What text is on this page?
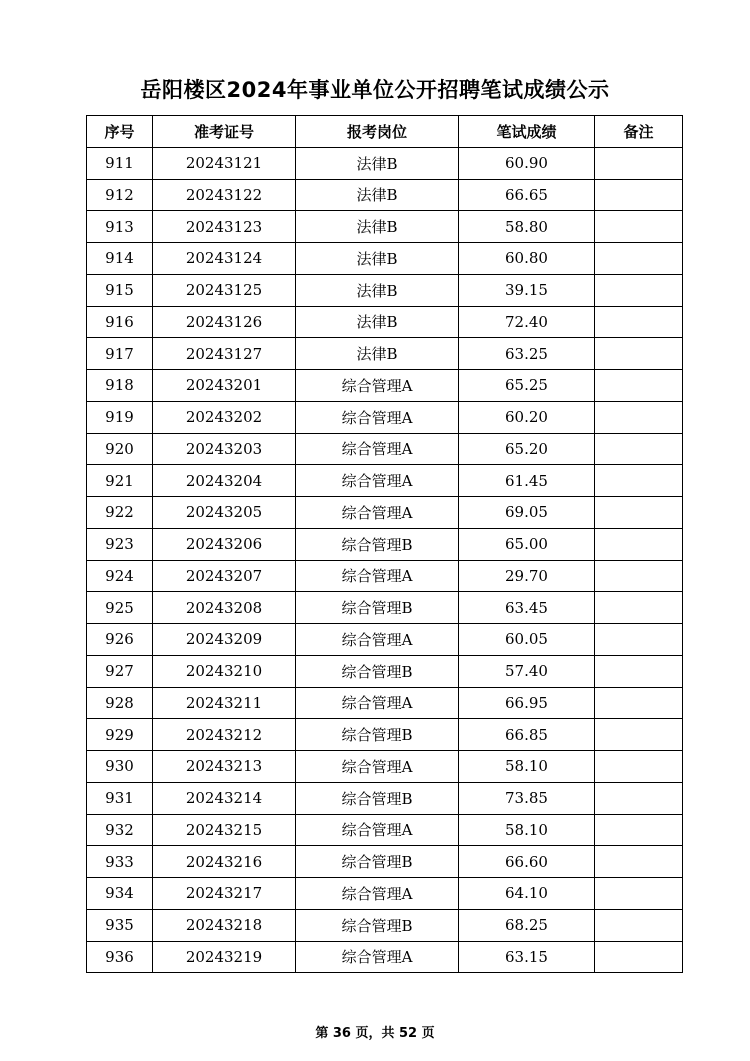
岳阳楼区2024年事业单位公开招聘笔试成绩公示
序号	准考证号	报考岗位	笔试成绩	备注
911	20243121	法律B	60.90	
912	20243122	法律B	66.65	
913	20243123	法律B	58.80	
914	20243124	法律B	60.80	
915	20243125	法律B	39.15	
916	20243126	法律B	72.40	
917	20243127	法律B	63.25	
918	20243201	综合管理A	65.25	
919	20243202	综合管理A	60.20	
920	20243203	综合管理A	65.20	
921	20243204	综合管理A	61.45	
922	20243205	综合管理A	69.05	
923	20243206	综合管理B	65.00	
924	20243207	综合管理A	29.70	
925	20243208	综合管理B	63.45	
926	20243209	综合管理A	60.05	
927	20243210	综合管理B	57.40	
928	20243211	综合管理A	66.95	
929	20243212	综合管理B	66.85	
930	20243213	综合管理A	58.10	
931	20243214	综合管理B	73.85	
932	20243215	综合管理A	58.10	
933	20243216	综合管理B	66.60	
934	20243217	综合管理A	64.10	
935	20243218	综合管理B	68.25	
936	20243219	综合管理A	63.15	
第 36 页，共 52 页
